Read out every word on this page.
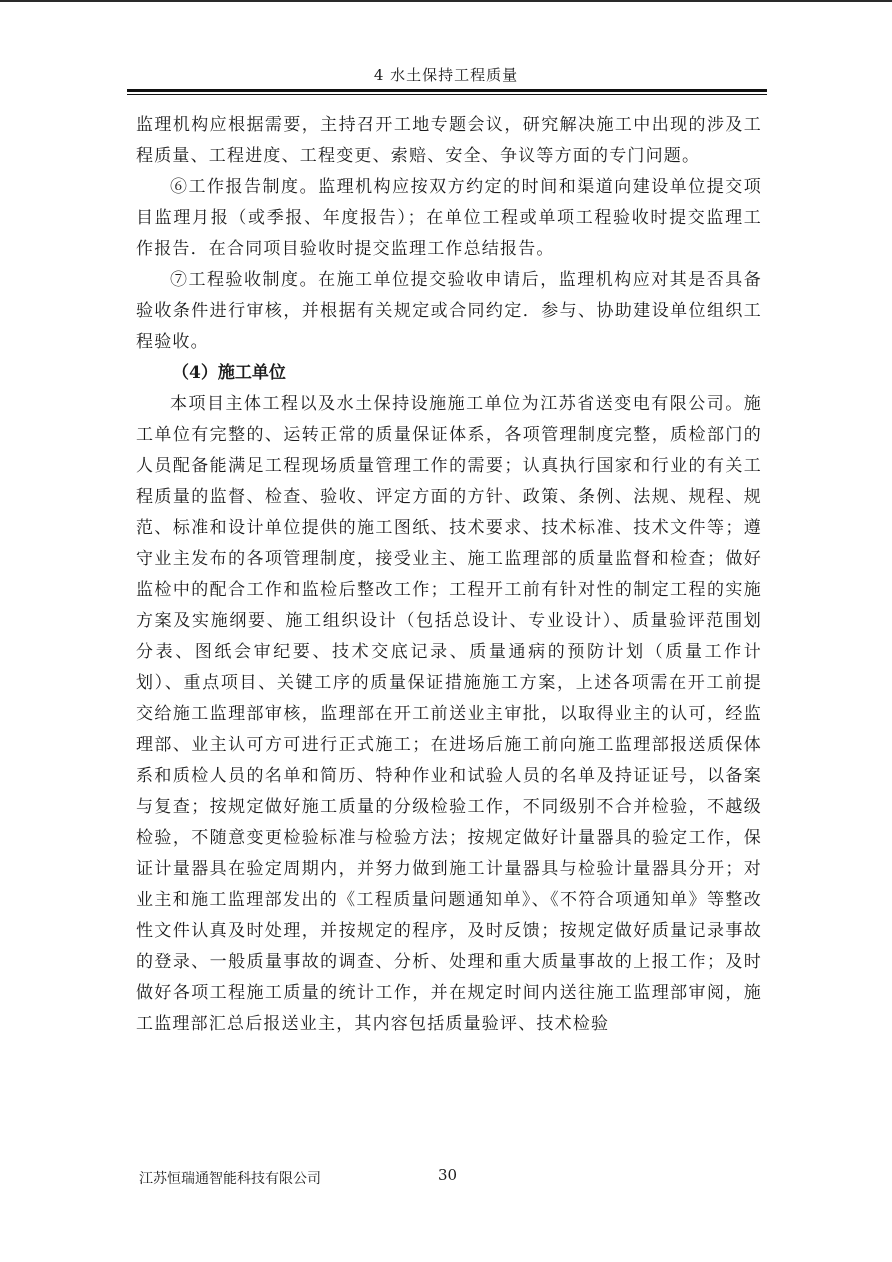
4 水土保持工程质量

监理机构应根据需要，主持召开工地专题会议，研究解决施工中出现的涉及工程质量、工程进度、工程变更、索赔、安全、争议等方面的专门问题。

⑥工作报告制度。监理机构应按双方约定的时间和渠道向建设单位提交项目监理月报（或季报、年度报告）；在单位工程或单项工程验收时提交监理工作报告．在合同项目验收时提交监理工作总结报告。

⑦工程验收制度。在施工单位提交验收申请后，监理机构应对其是否具备验收条件进行审核，并根据有关规定或合同约定．参与、协助建设单位组织工程验收。

（4）施工单位

本项目主体工程以及水土保持设施施工单位为江苏省送变电有限公司。施工单位有完整的、运转正常的质量保证体系，各项管理制度完整，质检部门的人员配备能满足工程现场质量管理工作的需要；认真执行国家和行业的有关工程质量的监督、检查、验收、评定方面的方针、政策、条例、法规、规程、规范、标准和设计单位提供的施工图纸、技术要求、技术标准、技术文件等；遵守业主发布的各项管理制度，接受业主、施工监理部的质量监督和检查；做好监检中的配合工作和监检后整改工作；工程开工前有针对性的制定工程的实施方案及实施纲要、施工组织设计（包括总设计、专业设计）、质量验评范围划分表、图纸会审纪要、技术交底记录、质量通病的预防计划（质量工作计划）、重点项目、关键工序的质量保证措施施工方案，上述各项需在开工前提交给施工监理部审核，监理部在开工前送业主审批，以取得业主的认可，经监理部、业主认可方可进行正式施工；在进场后施工前向施工监理部报送质保体系和质检人员的名单和简历、特种作业和试验人员的名单及持证证号，以备案与复查；按规定做好施工质量的分级检验工作，不同级别不合并检验，不越级检验，不随意变更检验标准与检验方法；按规定做好计量器具的验定工作，保证计量器具在验定周期内，并努力做到施工计量器具与检验计量器具分开；对业主和施工监理部发出的《工程质量问题通知单》、《不符合项通知单》等整改性文件认真及时处理，并按规定的程序，及时反馈；按规定做好质量记录事故的登录、一般质量事故的调查、分析、处理和重大质量事故的上报工作；及时做好各项工程施工质量的统计工作，并在规定时间内送往施工监理部审阅，施工监理部汇总后报送业主，其内容包括质量验评、技术检验

江苏恒瑞通智能科技有限公司	30
